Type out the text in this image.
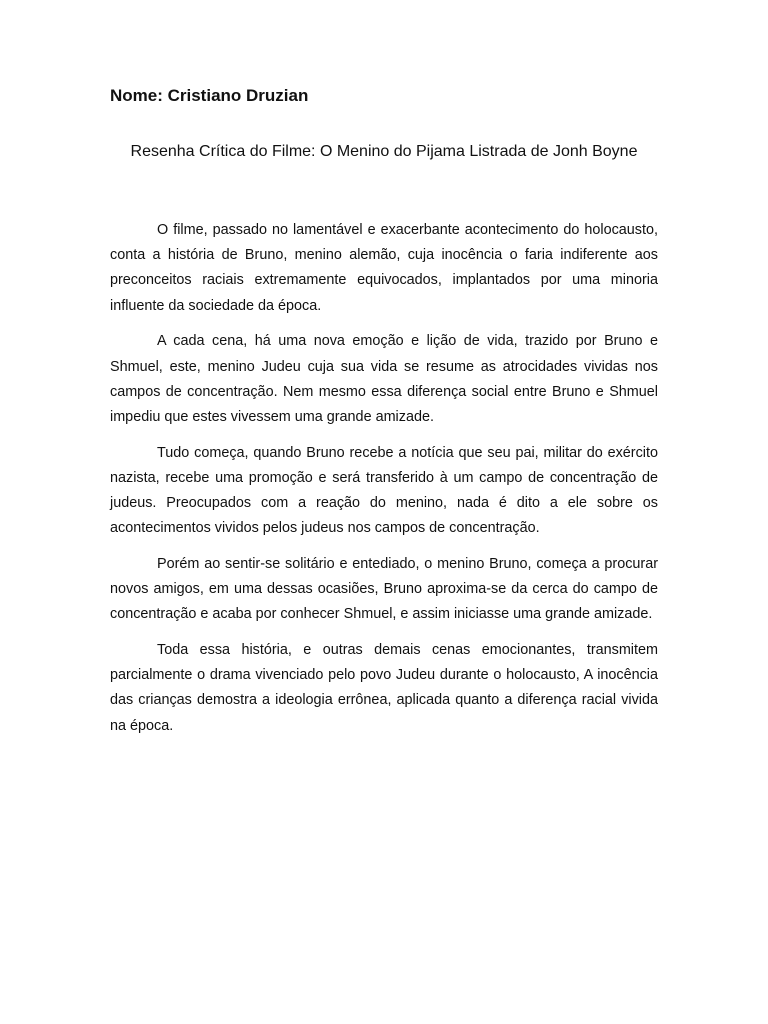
Nome: Cristiano Druzian
Resenha Crítica do Filme: O Menino do Pijama Listrada de Jonh Boyne

O filme, passado no lamentável e exacerbante acontecimento do holocausto, conta a história de Bruno, menino alemão, cuja inocência o faria indiferente aos preconceitos raciais extremamente equivocados, implantados por uma minoria influente da sociedade da época.

A cada cena, há uma nova emoção e lição de vida, trazido por Bruno e Shmuel, este, menino Judeu cuja sua vida se resume as atrocidades vividas nos campos de concentração. Nem mesmo essa diferença social entre Bruno e Shmuel impediu que estes vivessem uma grande amizade.

Tudo começa, quando Bruno recebe a notícia que seu pai, militar do exército nazista, recebe uma promoção e será transferido à um campo de concentração de judeus. Preocupados com a reação do menino, nada é dito a ele sobre os acontecimentos vividos pelos judeus nos campos de concentração.

Porém ao sentir-se solitário e entediado, o menino Bruno, começa a procurar novos amigos, em uma dessas ocasiões, Bruno aproxima-se da cerca do campo de concentração e acaba por conhecer Shmuel, e assim iniciasse uma grande amizade.

Toda essa história, e outras demais cenas emocionantes, transmitem parcialmente o drama vivenciado pelo povo Judeu durante o holocausto, A inocência das crianças demostra a ideologia errônea, aplicada quanto a diferença racial vivida na época.
